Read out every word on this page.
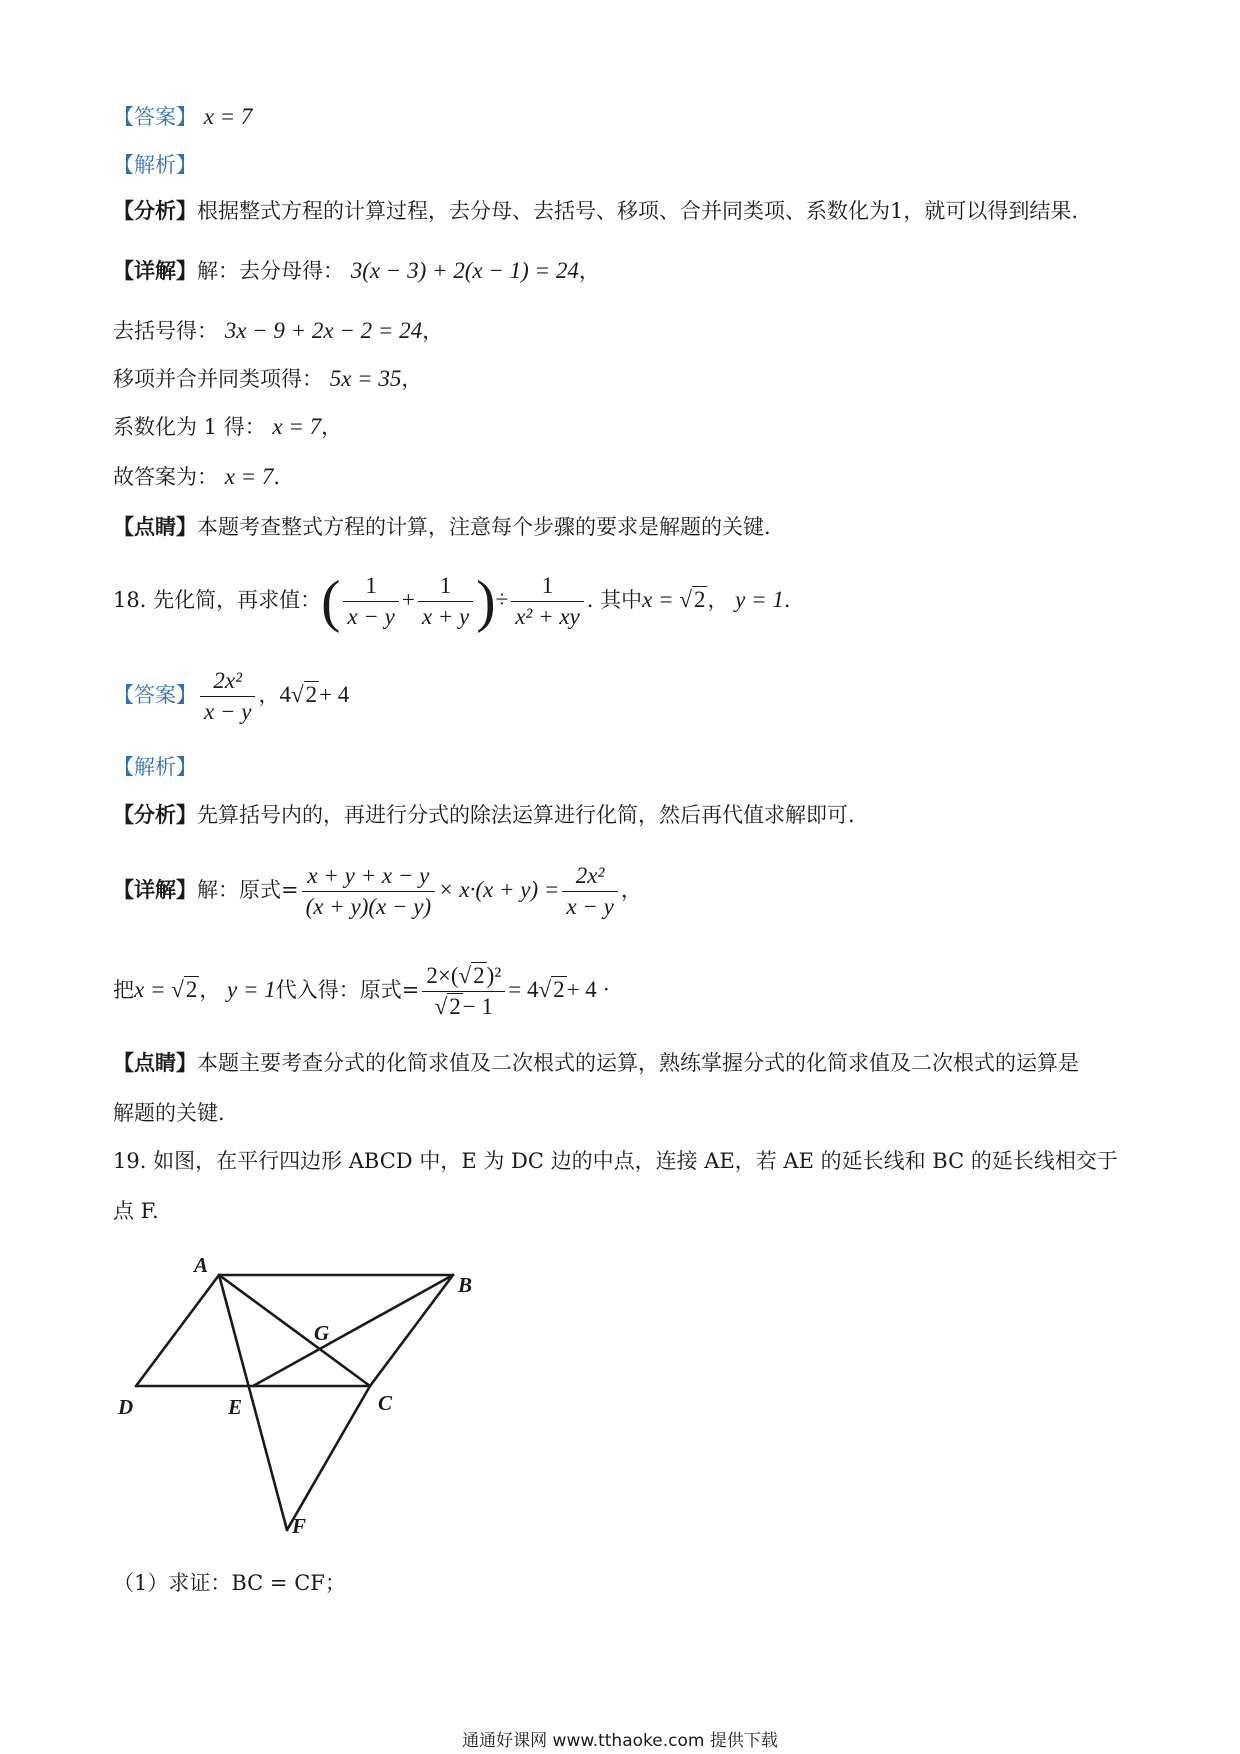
【答案】 x = 7
【解析】
【分析】根据整式方程的计算过程，去分母、去括号、移项、合并同类项、系数化为1，就可以得到结果.
【详解】解：去分母得： 3(x − 3) + 2(x − 1) = 24，
去括号得： 3x − 9 + 2x − 2 = 24，
移项并合并同类项得： 5x = 35，
系数化为 1 得： x = 7，
故答案为： x = 7.
【点睛】本题考查整式方程的计算，注意每个步骤的要求是解题的关键.
18. 先化简，再求值：( $\frac{1}{x - y} + \frac{1}{x + y}$ )÷ $\frac{1}{\text{x² + xy}}$ . 其中x = √2， y = 1.
【答案】 $\frac{\text{2x²}}{x - y}$ ，4√2+ 4
【解析】
【分析】先算括号内的，再进行分式的除法运算进行化简，然后再代值求解即可.
【详解】解：原式= $\frac{x + y + x - y}{(x + y)(x - y)} \times x\cdot(x + y) = \frac{\text{2x²}}{x - y}$ ，
把x = √2， y = 1代入得：原式= $\frac{\text{2×(√2)²}}{√2- 1} = 4√2+ 4$ ·
【点睛】本题主要考查分式的化简求值及二次根式的运算，熟练掌握分式的化简求值及二次根式的运算是
解题的关键.
19. 如图，在平行四边形 ABCD 中，E 为 DC 边的中点，连接 AE，若 AE 的延长线和 BC 的延长线相交于
点 F.
A
B
G
D	E	C
F
（1）求证：BC = CF；
通通好课网 www.tthaoke.com 提供下载
